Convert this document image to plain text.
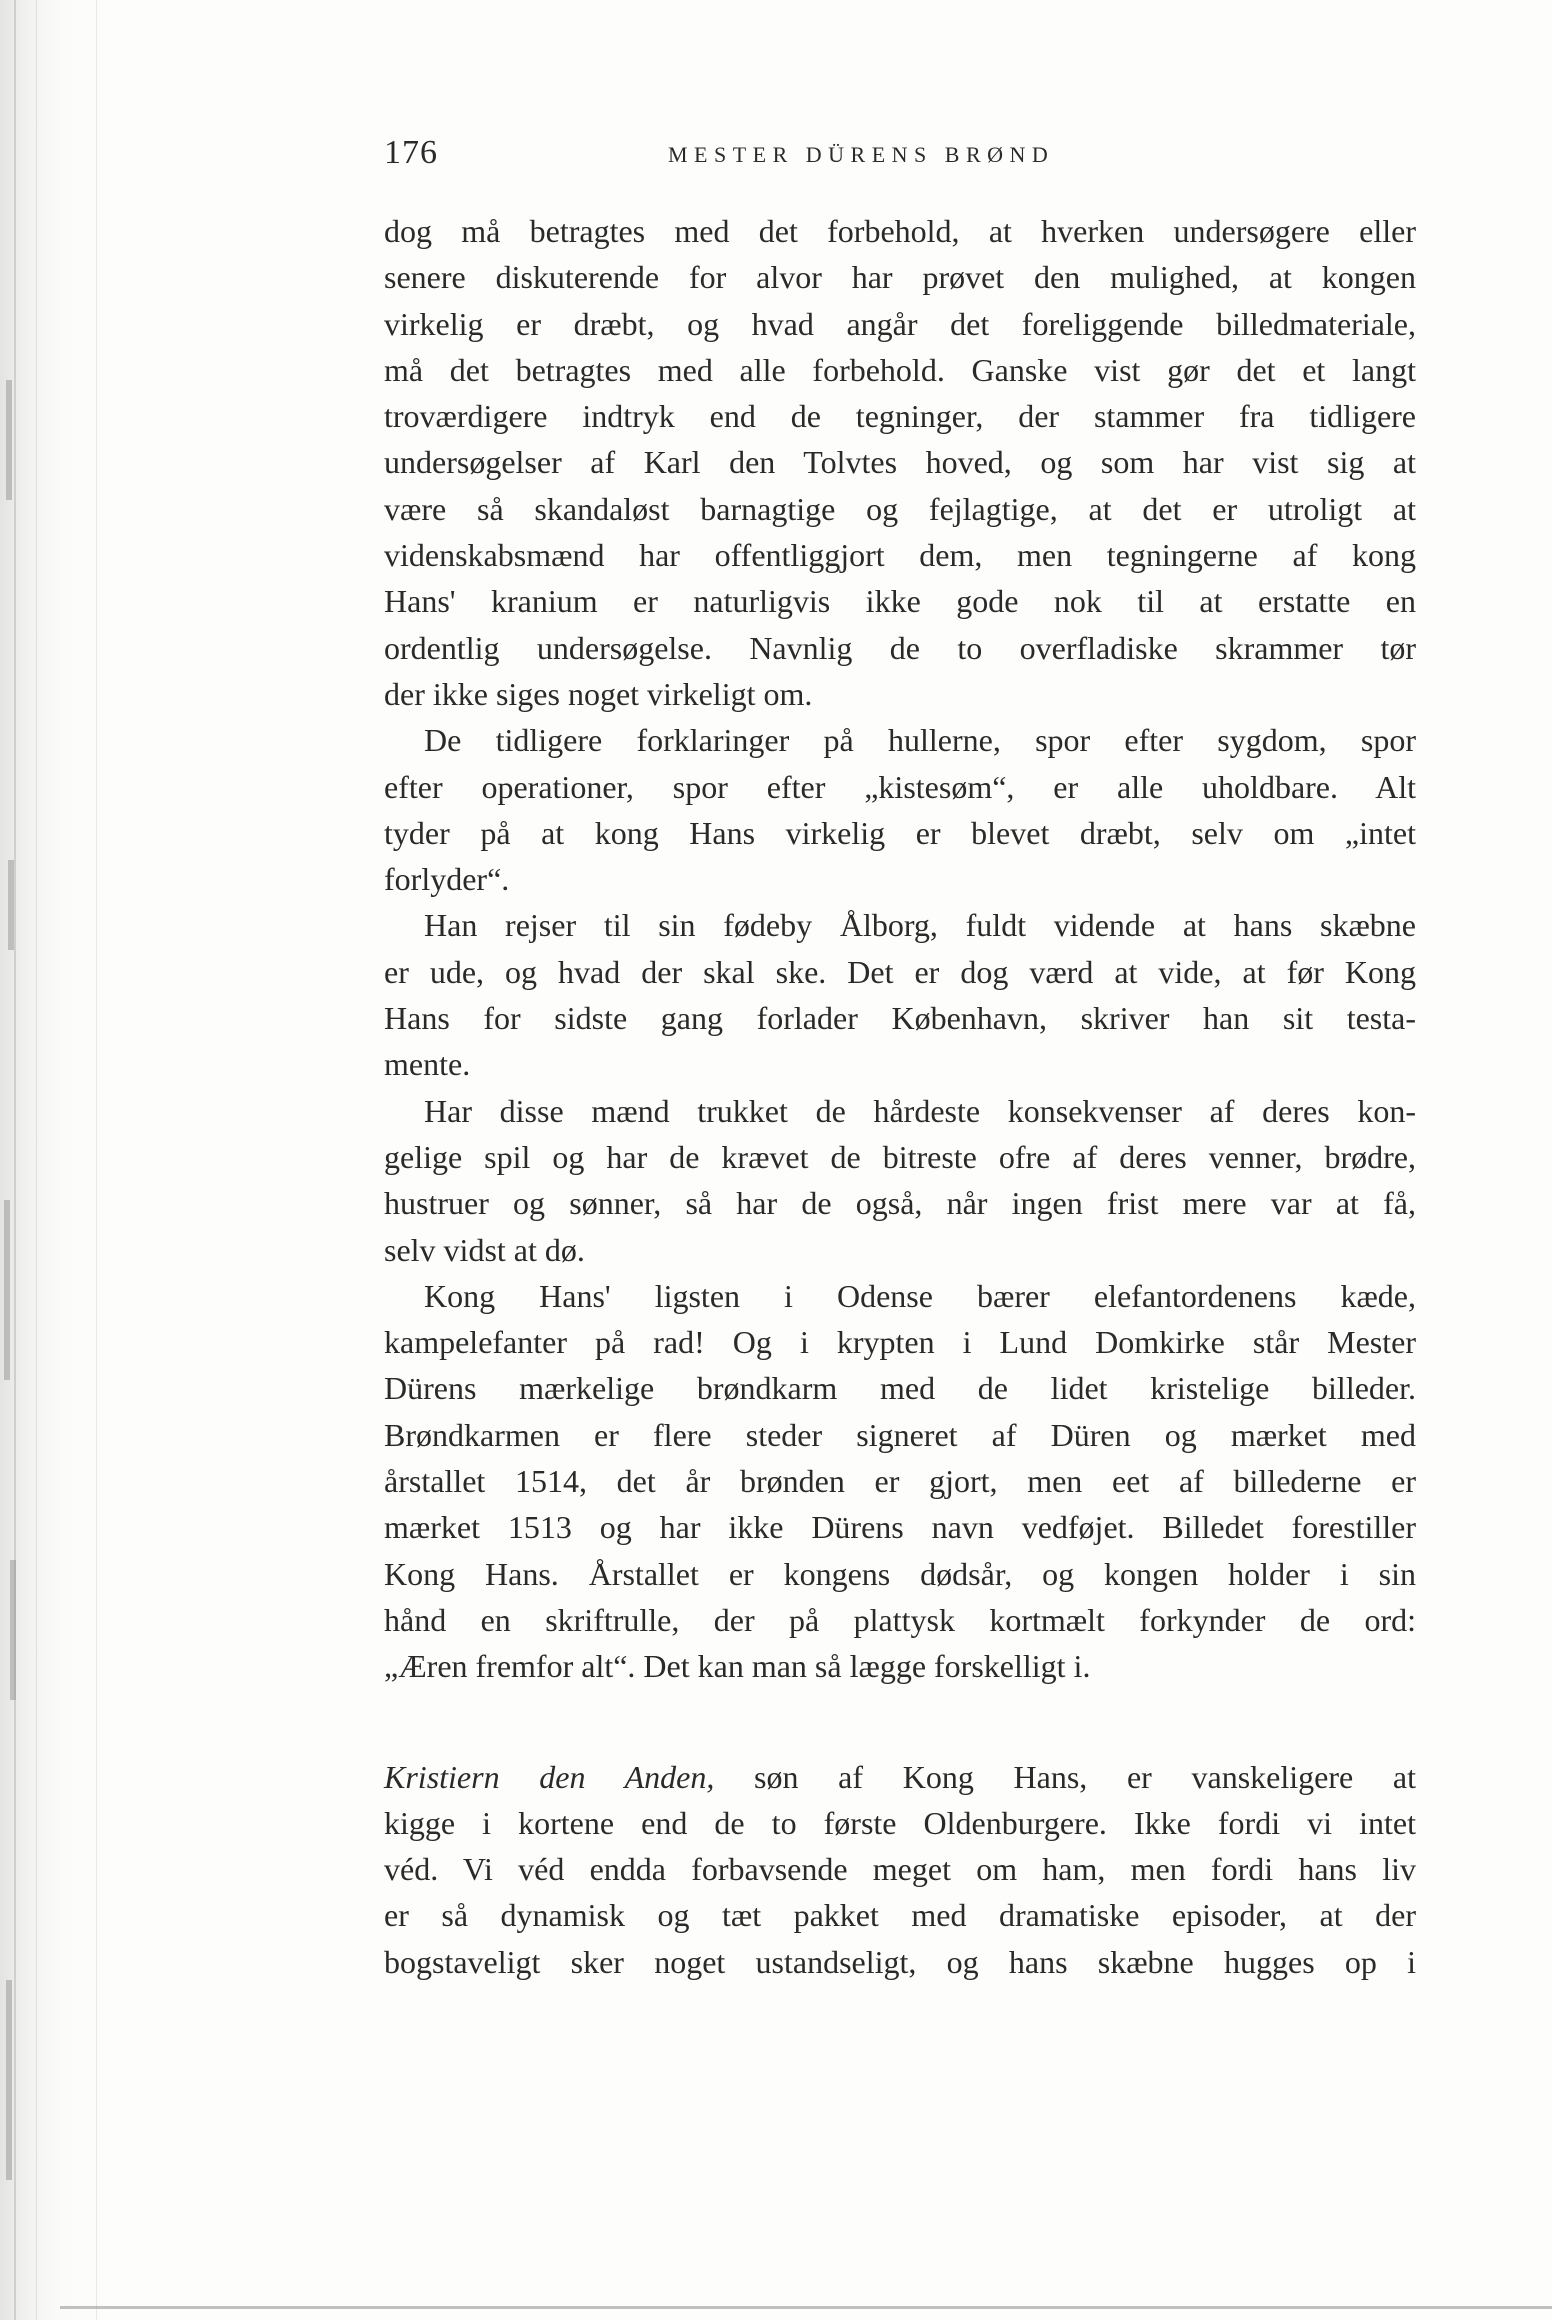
176	MESTER DÜRENS BRØND
dog må betragtes med det forbehold, at hverken undersøgere eller
senere diskuterende for alvor har prøvet den mulighed, at kongen
virkelig er dræbt, og hvad angår det foreliggende billedmateriale,
må det betragtes med alle forbehold. Ganske vist gør det et langt
troværdigere indtryk end de tegninger, der stammer fra tidligere
undersøgelser af Karl den Tolvtes hoved, og som har vist sig at
være så skandaløst barnagtige og fejlagtige, at det er utroligt at
videnskabsmænd har offentliggjort dem, men tegningerne af kong
Hans' kranium er naturligvis ikke gode nok til at erstatte en
ordentlig undersøgelse. Navnlig de to overfladiske skrammer tør
der ikke siges noget virkeligt om.
De tidligere forklaringer på hullerne, spor efter sygdom, spor
efter operationer, spor efter „kistesøm“, er alle uholdbare. Alt
tyder på at kong Hans virkelig er blevet dræbt, selv om „intet
forlyder“.
Han rejser til sin fødeby Ålborg, fuldt vidende at hans skæbne
er ude, og hvad der skal ske. Det er dog værd at vide, at før Kong
Hans for sidste gang forlader København, skriver han sit testa-
mente.
Har disse mænd trukket de hårdeste konsekvenser af deres kon-
gelige spil og har de krævet de bitreste ofre af deres venner, brødre,
hustruer og sønner, så har de også, når ingen frist mere var at få,
selv vidst at dø.
Kong Hans' ligsten i Odense bærer elefantordenens kæde,
kampelefanter på rad! Og i krypten i Lund Domkirke står Mester
Dürens mærkelige brøndkarm med de lidet kristelige billeder.
Brøndkarmen er flere steder signeret af Düren og mærket med
årstallet 1514, det år brønden er gjort, men eet af billederne er
mærket 1513 og har ikke Dürens navn vedføjet. Billedet forestiller
Kong Hans. Årstallet er kongens dødsår, og kongen holder i sin
hånd en skriftrulle, der på plattysk kortmælt forkynder de ord:
„Æren fremfor alt“. Det kan man så lægge forskelligt i.
Kristiern den Anden, søn af Kong Hans, er vanskeligere at
kigge i kortene end de to første Oldenburgere. Ikke fordi vi intet
véd. Vi véd endda forbavsende meget om ham, men fordi hans liv
er så dynamisk og tæt pakket med dramatiske episoder, at der
bogstaveligt sker noget ustandseligt, og hans skæbne hugges op i
